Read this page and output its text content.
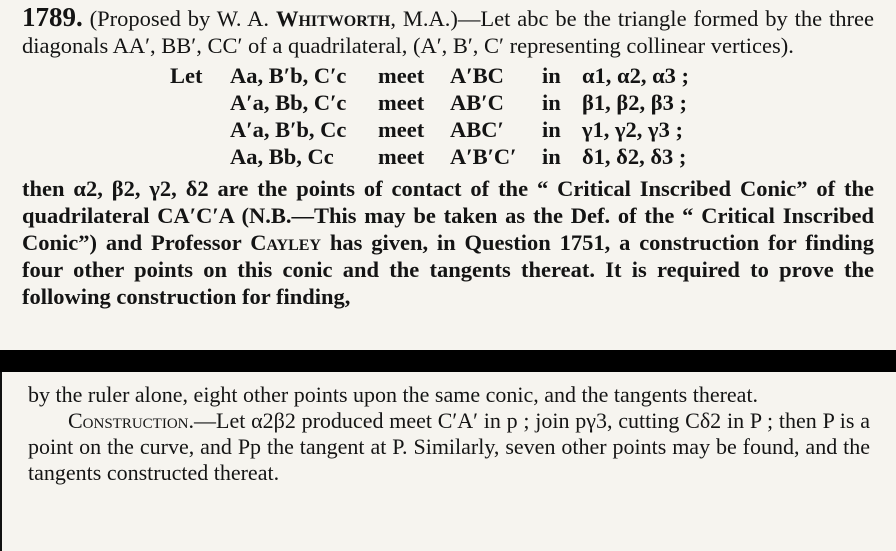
1789. (Proposed by W. A. Whitworth, M.A.)—Let abc be the triangle formed by the three diagonals AA′, BB′, CC′ of a quadrilateral, (A′, B′, C′ representing collinear vertices).

Let Aa, B′b, C′c meet A′BC in α1, α2, α3 ;
A′a, Bb, C′c meet AB′C in β1, β2, β3 ;
A′a, B′b, Cc meet ABC′ in γ1, γ2, γ3 ;
Aa, Bb, Cc meet A′B′C′ in δ1, δ2, δ3 ;

then α2, β2, γ2, δ2 are the points of contact of the “ Critical Inscribed Conic” of the quadrilateral CA′C′A (N.B.—This may be taken as the Def. of the “ Critical Inscribed Conic”) and Professor Cayley has given, in Question 1751, a construction for finding four other points on this conic and the tangents thereat. It is required to prove the following construction for finding,

by the ruler alone, eight other points upon the same conic, and the tangents thereat.

Construction.—Let α2β2 produced meet C′A′ in p ; join pγ3, cutting Cδ2 in P ; then P is a point on the curve, and Pp the tangent at P. Similarly, seven other points may be found, and the tangents constructed thereat.
